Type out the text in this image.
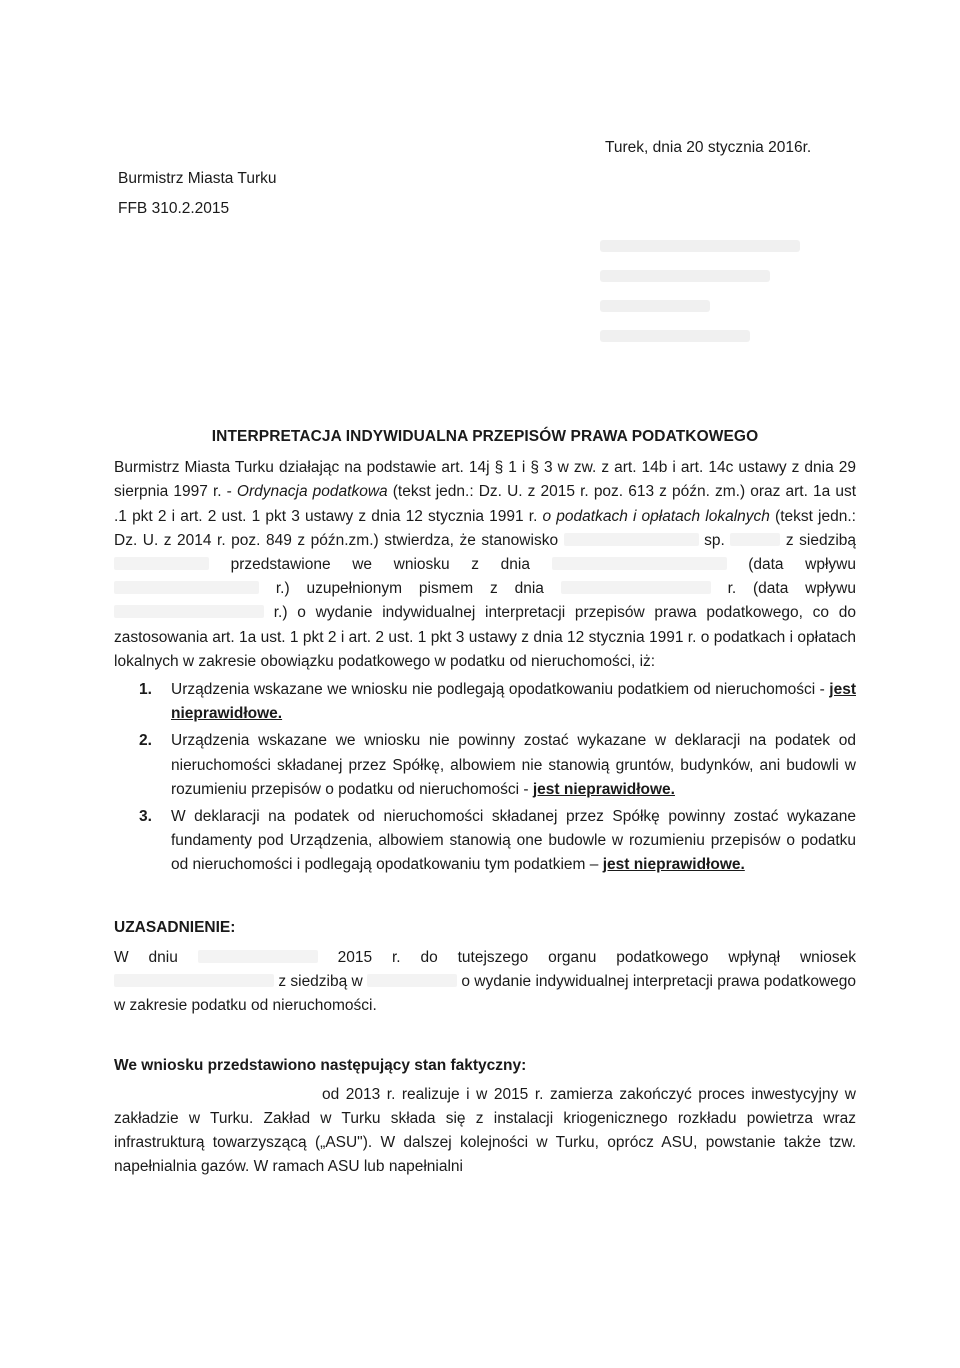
Burmistrz Miasta Turku
FFB 310.2.2015
Turek, dnia 20 stycznia 2016r.
INTERPRETACJA INDYWIDUALNA PRZEPISÓW PRAWA PODATKOWEGO

Burmistrz Miasta Turku działając na podstawie art. 14j § 1 i § 3 w zw. z art. 14b i art. 14c ustawy z dnia 29 sierpnia 1997 r. - Ordynacja podatkowa (tekst jedn.: Dz. U. z 2015 r. poz. 613 z późn. zm.) oraz art. 1a ust .1 pkt 2 i art. 2 ust. 1 pkt 3 ustawy z dnia 12 stycznia 1991 r. o podatkach i opłatach lokalnych (tekst jedn.: Dz. U. z 2014 r. poz. 849 z późn.zm.) stwierdza, że stanowisko	sp.	z siedzibą  przedstawione we wniosku z dnia	(data wpływu  r.) uzupełnionym pismem z dnia	r. (data wpływu  r.) o wydanie indywidualnej interpretacji przepisów prawa podatkowego, co do zastosowania art. 1a ust. 1 pkt 2 i art. 2 ust. 1 pkt 3 ustawy z dnia 12 stycznia 1991 r. o podatkach i opłatach lokalnych w zakresie obowiązku podatkowego w podatku od nieruchomości, iż:

1. Urządzenia wskazane we wniosku nie podlegają opodatkowaniu podatkiem od nieruchomości - jest nieprawidłowe.
2. Urządzenia wskazane we wniosku nie powinny zostać wykazane w deklaracji na podatek od nieruchomości składanej przez Spółkę, albowiem nie stanowią gruntów, budynków, ani budowli w rozumieniu przepisów o podatku od nieruchomości - jest nieprawidłowe.
3. W deklaracji na podatek od nieruchomości składanej przez Spółkę powinny zostać wykazane fundamenty pod Urządzenia, albowiem stanowią one budowle w rozumieniu przepisów o podatku od nieruchomości i podlegają opodatkowaniu tym podatkiem – jest nieprawidłowe.
UZASADNIENIE:

W dniu	2015 r. do tutejszego organu podatkowego wpłynął wniosek  z siedzibą w	o wydanie indywidualnej interpretacji prawa podatkowego w zakresie podatku od nieruchomości.

We wniosku przedstawiono następujący stan faktyczny:

od 2013 r. realizuje i w 2015 r. zamierza zakończyć proces inwestycyjny w zakładzie w Turku. Zakład w Turku składa się z instalacji kriogenicznego rozkładu powietrza wraz infrastrukturą towarzyszącą („ASU"). W dalszej kolejności w Turku, oprócz ASU, powstanie także tzw. napełnialnia gazów. W ramach ASU lub napełnialni
